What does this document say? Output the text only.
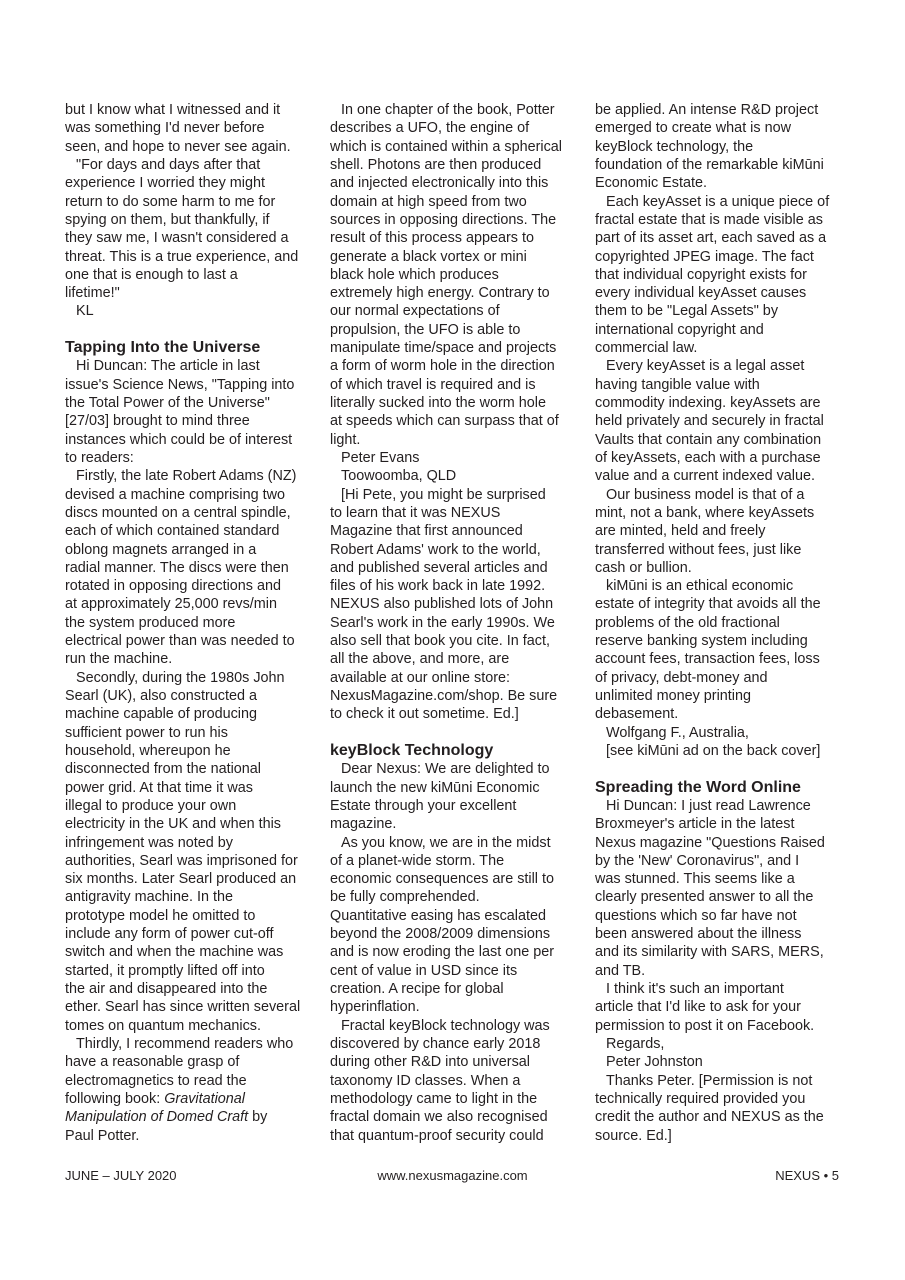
but I know what I witnessed and it
was something I'd never before
seen, and hope to never see again.
"For days and days after that
experience I worried they might
return to do some harm to me for
spying on them, but thankfully, if
they saw me, I wasn't considered a
threat. This is a true experience, and
one that is enough to last a
lifetime!"
KL
Tapping Into the Universe
Hi Duncan: The article in last
issue's Science News, "Tapping into
the Total Power of the Universe"
[27/03] brought to mind three
instances which could be of interest
to readers:
Firstly, the late Robert Adams (NZ)
devised a machine comprising two
discs mounted on a central spindle,
each of which contained standard
oblong magnets arranged in a
radial manner. The discs were then
rotated in opposing directions and
at approximately 25,000 revs/min
the system produced more
electrical power than was needed to
run the machine.
Secondly, during the 1980s John
Searl (UK), also constructed a
machine capable of producing
sufficient power to run his
household, whereupon he
disconnected from the national
power grid. At that time it was
illegal to produce your own
electricity in the UK and when this
infringement was noted by
authorities, Searl was imprisoned for
six months. Later Searl produced an
antigravity machine. In the
prototype model he omitted to
include any form of power cut-off
switch and when the machine was
started, it promptly lifted off into
the air and disappeared into the
ether. Searl has since written several
tomes on quantum mechanics.
Thirdly, I recommend readers who
have a reasonable grasp of
electromagnetics to read the
following book: Gravitational
Manipulation of Domed Craft by
Paul Potter.
In one chapter of the book, Potter
describes a UFO, the engine of
which is contained within a spherical
shell. Photons are then produced
and injected electronically into this
domain at high speed from two
sources in opposing directions. The
result of this process appears to
generate a black vortex or mini
black hole which produces
extremely high energy. Contrary to
our normal expectations of
propulsion, the UFO is able to
manipulate time/space and projects
a form of worm hole in the direction
of which travel is required and is
literally sucked into the worm hole
at speeds which can surpass that of
light.
Peter Evans
Toowoomba, QLD
[Hi Pete, you might be surprised
to learn that it was NEXUS
Magazine that first announced
Robert Adams' work to the world,
and published several articles and
files of his work back in late 1992.
NEXUS also published lots of John
Searl's work in the early 1990s. We
also sell that book you cite. In fact,
all the above, and more, are
available at our online store:
NexusMagazine.com/shop. Be sure
to check it out sometime. Ed.]
keyBlock Technology
Dear Nexus: We are delighted to
launch the new kiMūni Economic
Estate through your excellent
magazine.
As you know, we are in the midst
of a planet-wide storm. The
economic consequences are still to
be fully comprehended.
Quantitative easing has escalated
beyond the 2008/2009 dimensions
and is now eroding the last one per
cent of value in USD since its
creation. A recipe for global
hyperinflation.
Fractal keyBlock technology was
discovered by chance early 2018
during other R&D into universal
taxonomy ID classes. When a
methodology came to light in the
fractal domain we also recognised
that quantum-proof security could
be applied. An intense R&D project
emerged to create what is now
keyBlock technology, the
foundation of the remarkable kiMūni
Economic Estate.
Each keyAsset is a unique piece of
fractal estate that is made visible as
part of its asset art, each saved as a
copyrighted JPEG image. The fact
that individual copyright exists for
every individual keyAsset causes
them to be "Legal Assets" by
international copyright and
commercial law.
Every keyAsset is a legal asset
having tangible value with
commodity indexing. keyAssets are
held privately and securely in fractal
Vaults that contain any combination
of keyAssets, each with a purchase
value and a current indexed value.
Our business model is that of a
mint, not a bank, where keyAssets
are minted, held and freely
transferred without fees, just like
cash or bullion.
kiMūni is an ethical economic
estate of integrity that avoids all the
problems of the old fractional
reserve banking system including
account fees, transaction fees, loss
of privacy, debt-money and
unlimited money printing
debasement.
Wolfgang F., Australia,
[see kiMūni ad on the back cover]
Spreading the Word Online
Hi Duncan: I just read Lawrence
Broxmeyer's article in the latest
Nexus magazine "Questions Raised
by the 'New' Coronavirus", and I
was stunned. This seems like a
clearly presented answer to all the
questions which so far have not
been answered about the illness
and its similarity with SARS, MERS,
and TB.
I think it's such an important
article that I'd like to ask for your
permission to post it on Facebook.
Regards,
Peter Johnston
Thanks Peter. [Permission is not
technically required provided you
credit the author and NEXUS as the
source. Ed.]
JUNE – JULY 2020	www.nexusmagazine.com	NEXUS • 5
